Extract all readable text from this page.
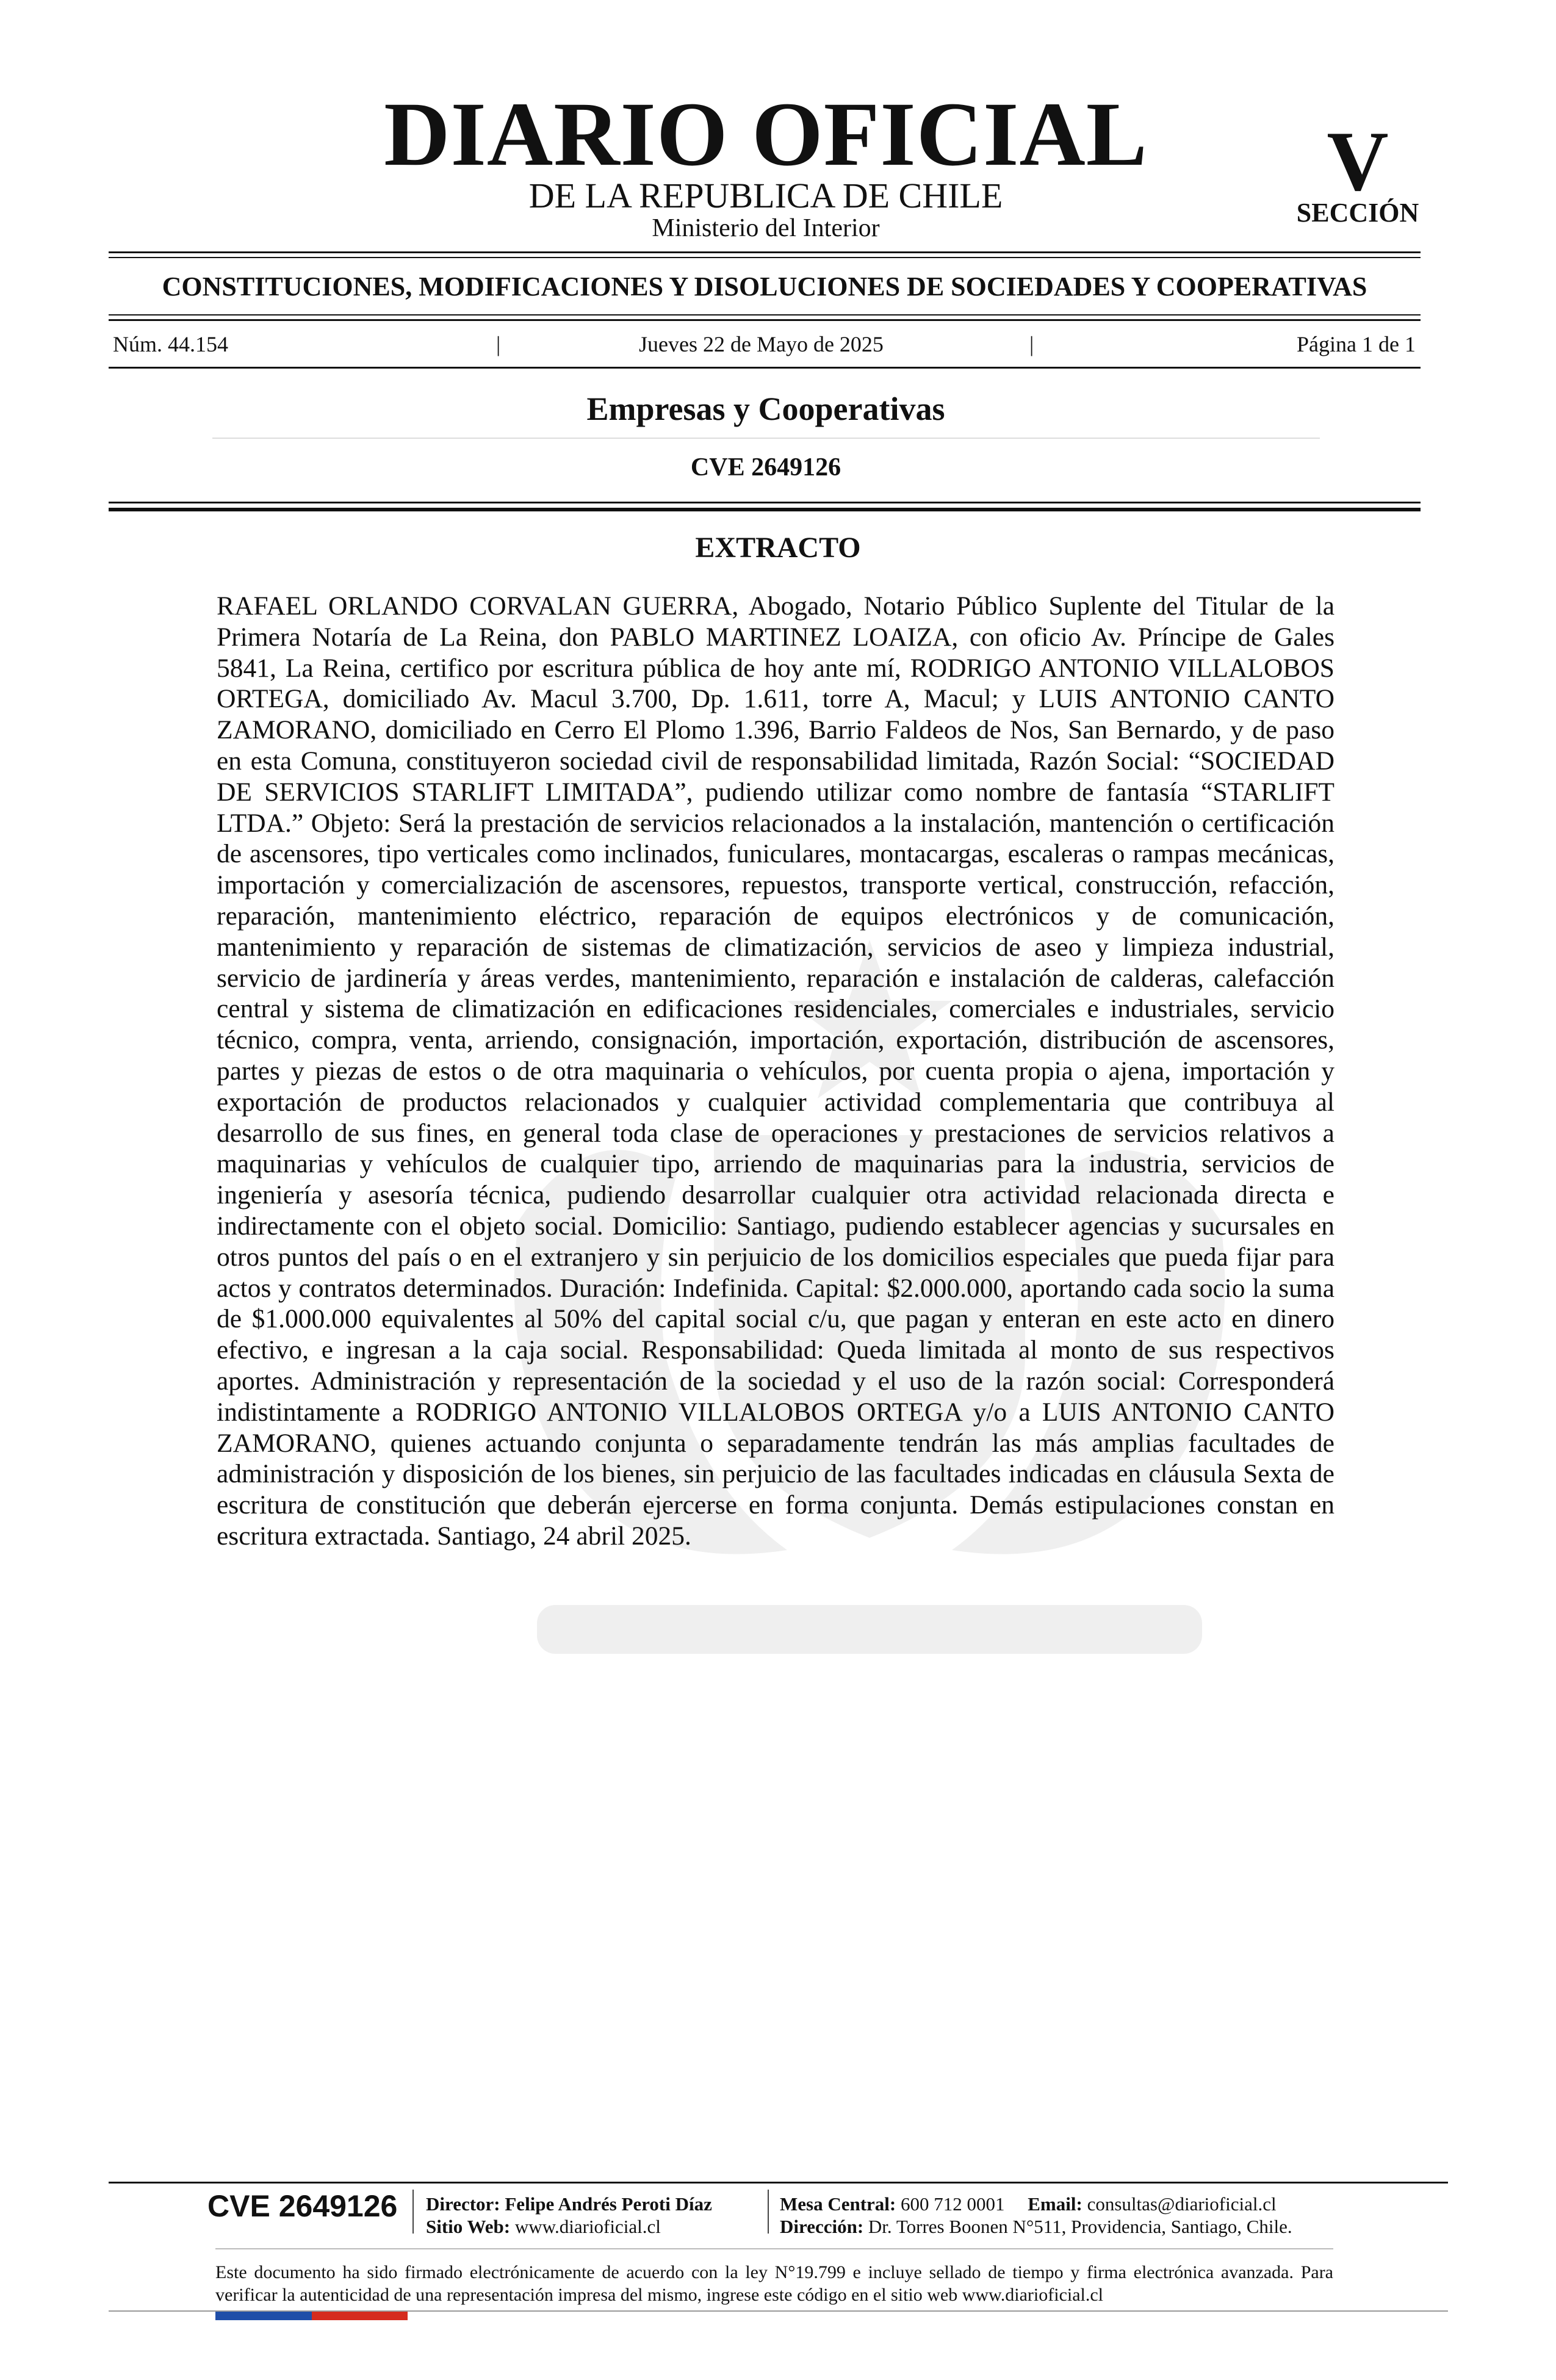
DIARIO OFICIAL
DE LA REPUBLICA DE CHILE
Ministerio del Interior
V
SECCIÓN
CONSTITUCIONES, MODIFICACIONES Y DISOLUCIONES DE SOCIEDADES Y COOPERATIVAS
Núm. 44.154	|	Jueves 22 de Mayo de 2025	|	Página 1 de 1
Empresas y Cooperativas
CVE 2649126
EXTRACTO

RAFAEL ORLANDO CORVALAN GUERRA, Abogado, Notario Público Suplente del Titular de la Primera Notaría de La Reina, don PABLO MARTINEZ LOAIZA, con oficio Av. Príncipe de Gales 5841, La Reina, certifico por escritura pública de hoy ante mí, RODRIGO ANTONIO VILLALOBOS ORTEGA, domiciliado Av. Macul 3.700, Dp. 1.611, torre A, Macul; y LUIS ANTONIO CANTO ZAMORANO, domiciliado en Cerro El Plomo 1.396, Barrio Faldeos de Nos, San Bernardo, y de paso en esta Comuna, constituyeron sociedad civil de responsabilidad limitada, Razón Social: “SOCIEDAD DE SERVICIOS STARLIFT LIMITADA”, pudiendo utilizar como nombre de fantasía “STARLIFT LTDA.” Objeto: Será la prestación de servicios relacionados a la instalación, mantención o certificación de ascensores, tipo verticales como inclinados, funiculares, montacargas, escaleras o rampas mecánicas, importación y comercialización de ascensores, repuestos, transporte vertical, construcción, refacción, reparación, mantenimiento eléctrico, reparación de equipos electrónicos y de comunicación, mantenimiento y reparación de sistemas de climatización, servicios de aseo y limpieza industrial, servicio de jardinería y áreas verdes, mantenimiento, reparación e instalación de calderas, calefacción central y sistema de climatización en edificaciones residenciales, comerciales e industriales, servicio técnico, compra, venta, arriendo, consignación, importación, exportación, distribución de ascensores, partes y piezas de estos o de otra maquinaria o vehículos, por cuenta propia o ajena, importación y exportación de productos relacionados y cualquier actividad complementaria que contribuya al desarrollo de sus fines, en general toda clase de operaciones y prestaciones de servicios relativos a maquinarias y vehículos de cualquier tipo, arriendo de maquinarias para la industria, servicios de ingeniería y asesoría técnica, pudiendo desarrollar cualquier otra actividad relacionada directa e indirectamente con el objeto social. Domicilio: Santiago, pudiendo establecer agencias y sucursales en otros puntos del país o en el extranjero y sin perjuicio de los domicilios especiales que pueda fijar para actos y contratos determinados. Duración: Indefinida. Capital: $2.000.000, aportando cada socio la suma de $1.000.000 equivalentes al 50% del capital social c/u, que pagan y enteran en este acto en dinero efectivo, e ingresan a la caja social. Responsabilidad: Queda limitada al monto de sus respectivos aportes. Administración y representación de la sociedad y el uso de la razón social: Corresponderá indistintamente a RODRIGO ANTONIO VILLALOBOS ORTEGA y/o a LUIS ANTONIO CANTO ZAMORANO, quienes actuando conjunta o separadamente tendrán las más amplias facultades de administración y disposición de los bienes, sin perjuicio de las facultades indicadas en cláusula Sexta de escritura de constitución que deberán ejercerse en forma conjunta. Demás estipulaciones constan en escritura extractada. Santiago, 24 abril 2025.

CVE 2649126 Director: Felipe Andrés Peroti Díaz
Sitio Web: www.diarioficial.cl
Mesa Central: 600 712 0001 Email: consultas@diarioficial.cl
Dirección: Dr. Torres Boonen N°511, Providencia, Santiago, Chile.

Este documento ha sido firmado electrónicamente de acuerdo con la ley N°19.799 e incluye sellado de tiempo y firma electrónica avanzada. Para verificar la autenticidad de una representación impresa del mismo, ingrese este código en el sitio web www.diarioficial.cl
